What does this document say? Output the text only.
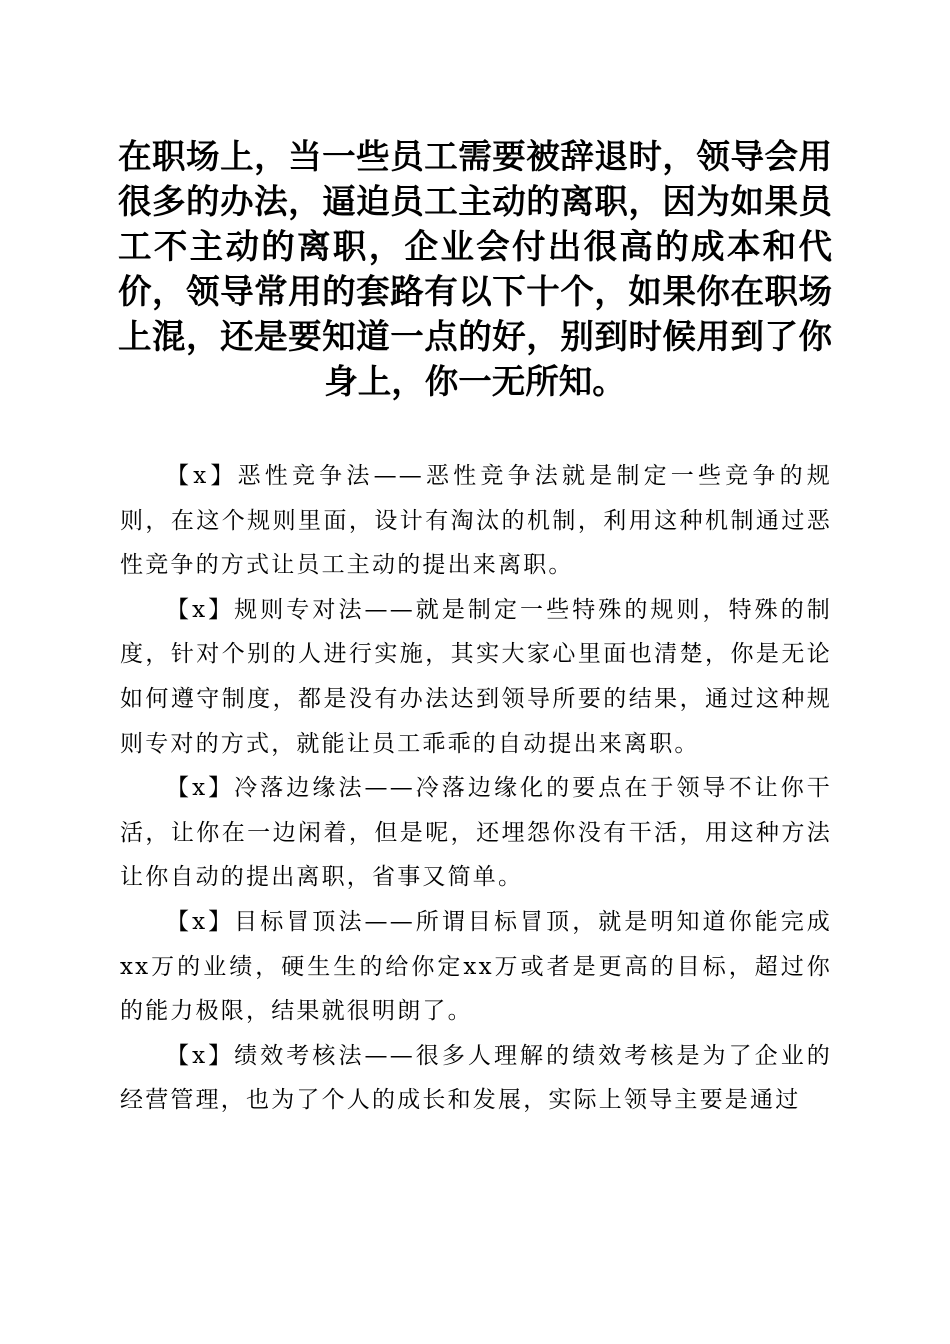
在职场上，当一些员工需要被辞退时，领导会用很多的办法，逼迫员工主动的离职，因为如果员工不主动的离职，企业会付出很高的成本和代价，领导常用的套路有以下十个，如果你在职场上混，还是要知道一点的好，别到时候用到了你身上，你一无所知。

【x】恶性竞争法——恶性竞争法就是制定一些竞争的规则，在这个规则里面，设计有淘汰的机制，利用这种机制通过恶性竞争的方式让员工主动的提出来离职。

【x】规则专对法——就是制定一些特殊的规则，特殊的制度，针对个别的人进行实施，其实大家心里面也清楚，你是无论如何遵守制度，都是没有办法达到领导所要的结果，通过这种规则专对的方式，就能让员工乖乖的自动提出来离职。

【x】冷落边缘法——冷落边缘化的要点在于领导不让你干活，让你在一边闲着，但是呢，还埋怨你没有干活，用这种方法让你自动的提出离职，省事又简单。

【x】目标冒顶法——所谓目标冒顶，就是明知道你能完成xx万的业绩，硬生生的给你定xx万或者是更高的目标，超过你的能力极限，结果就很明朗了。

【x】绩效考核法——很多人理解的绩效考核是为了企业的经营管理，也为了个人的成长和发展，实际上领导主要是通过
